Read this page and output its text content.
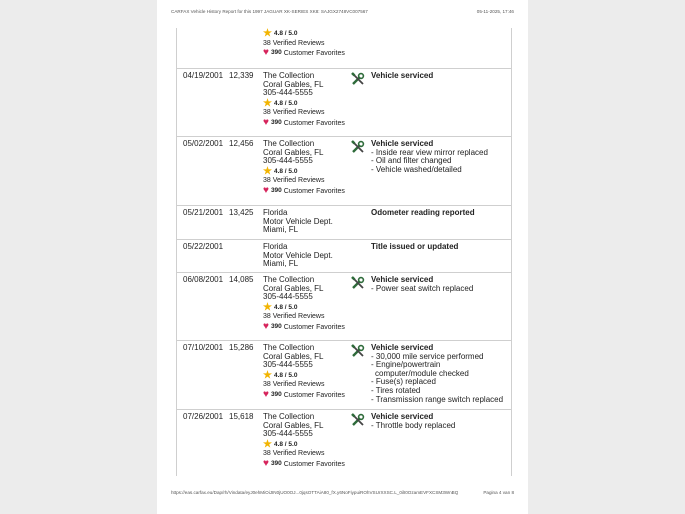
CARFAX Vehicle History Report for this 1997 JAGUAR XK-SERIES XK8: SAJGX2748VC007567	05-11-2025, 17:46
★ 4.8 / 5.0
38 Verified Reviews
♥ 390 Customer Favorites
04/19/2001 12,339 The Collection
Coral Gables, FL
305-444-5555
★ 4.8 / 5.0
38 Verified Reviews
♥ 390 Customer Favorites
Vehicle serviced
05/02/2001 12,456 The Collection
Coral Gables, FL
305-444-5555
★ 4.8 / 5.0
38 Verified Reviews
♥ 390 Customer Favorites
Vehicle serviced
- Inside rear view mirror replaced
- Oil and filter changed
- Vehicle washed/detailed
05/21/2001 13,425 Florida
Motor Vehicle Dept.
Miami, FL
Odometer reading reported
05/22/2001	Florida
Motor Vehicle Dept.
Miami, FL
Title issued or updated
06/08/2001 14,085 The Collection
Coral Gables, FL
305-444-5555
★ 4.8 / 5.0
38 Verified Reviews
♥ 390 Customer Favorites
Vehicle serviced
- Power seat switch replaced
07/10/2001 15,286 The Collection
Coral Gables, FL
305-444-5555
★ 4.8 / 5.0
38 Verified Reviews
♥ 390 Customer Favorites
Vehicle serviced
- 30,000 mile service performed
- Engine/powertrain
computer/module checked
- Fuse(s) replaced
- Tires rotated
- Transmission range switch replaced
07/26/2001 15,618 The Collection
Coral Gables, FL
305-444-5555
★ 4.8 / 5.0
38 Verified Reviews
♥ 390 Customer Favorites
Vehicle serviced
- Throttle body replaced
https://eas.carfax.eu/Dap/rh/Vindata/eyJ0ehMiOiJIN0jUO0OJ...0jqsOTTAiA80_fX.y6NoFiypuiROhVSUrXXSC.L_0ilI0OzamEVFXCSM3WnBQ	Pagina 4 van 8
